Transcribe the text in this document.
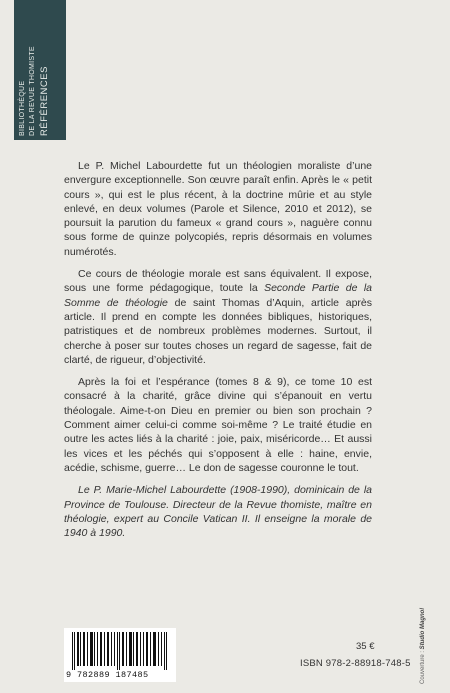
BIBLIOTHÈQUE DE LA REVUE THOMISTE RÉFÉRENCES

Le P. Michel Labourdette fut un théologien moraliste d’une envergure exceptionnelle. Son œuvre paraît enfin. Après le « petit cours », qui est le plus récent, à la doctrine mûrie et au style enlevé, en deux volumes (Parole et Silence, 2010 et 2012), se poursuit la parution du fameux « grand cours », naguère connu sous forme de quinze polycopiés, repris désormais en volumes numérotés.

Ce cours de théologie morale est sans équivalent. Il expose, sous une forme pédagogique, toute la Seconde Partie de la Somme de théologie de saint Thomas d’Aquin, article après article. Il prend en compte les données bibliques, historiques, patristiques et de nombreux problèmes modernes. Surtout, il cherche à poser sur toutes choses un regard de sagesse, fait de clarté, de rigueur, d’objectivité.

Après la foi et l’espérance (tomes 8 & 9), ce tome 10 est consacré à la charité, grâce divine qui s’épanouit en vertu théologale. Aime-t-on Dieu en premier ou bien son prochain ? Comment aimer celui-ci comme soi-même ? Le traité étudie en outre les actes liés à la charité : joie, paix, miséricorde… Et aussi les vices et les péchés qui s’opposent à elle : haine, envie, acédie, schisme, guerre… Le don de sagesse couronne le tout.

Le P. Marie-Michel Labourdette (1908-1990), dominicain de la Province de Toulouse. Directeur de la Revue thomiste, maître en théologie, expert au Concile Vatican II. Il enseigne la morale de 1940 à 1990.

9 782889 187485
35 €
ISBN 978-2-88918-748-5 Couverture : Studio Magnol
